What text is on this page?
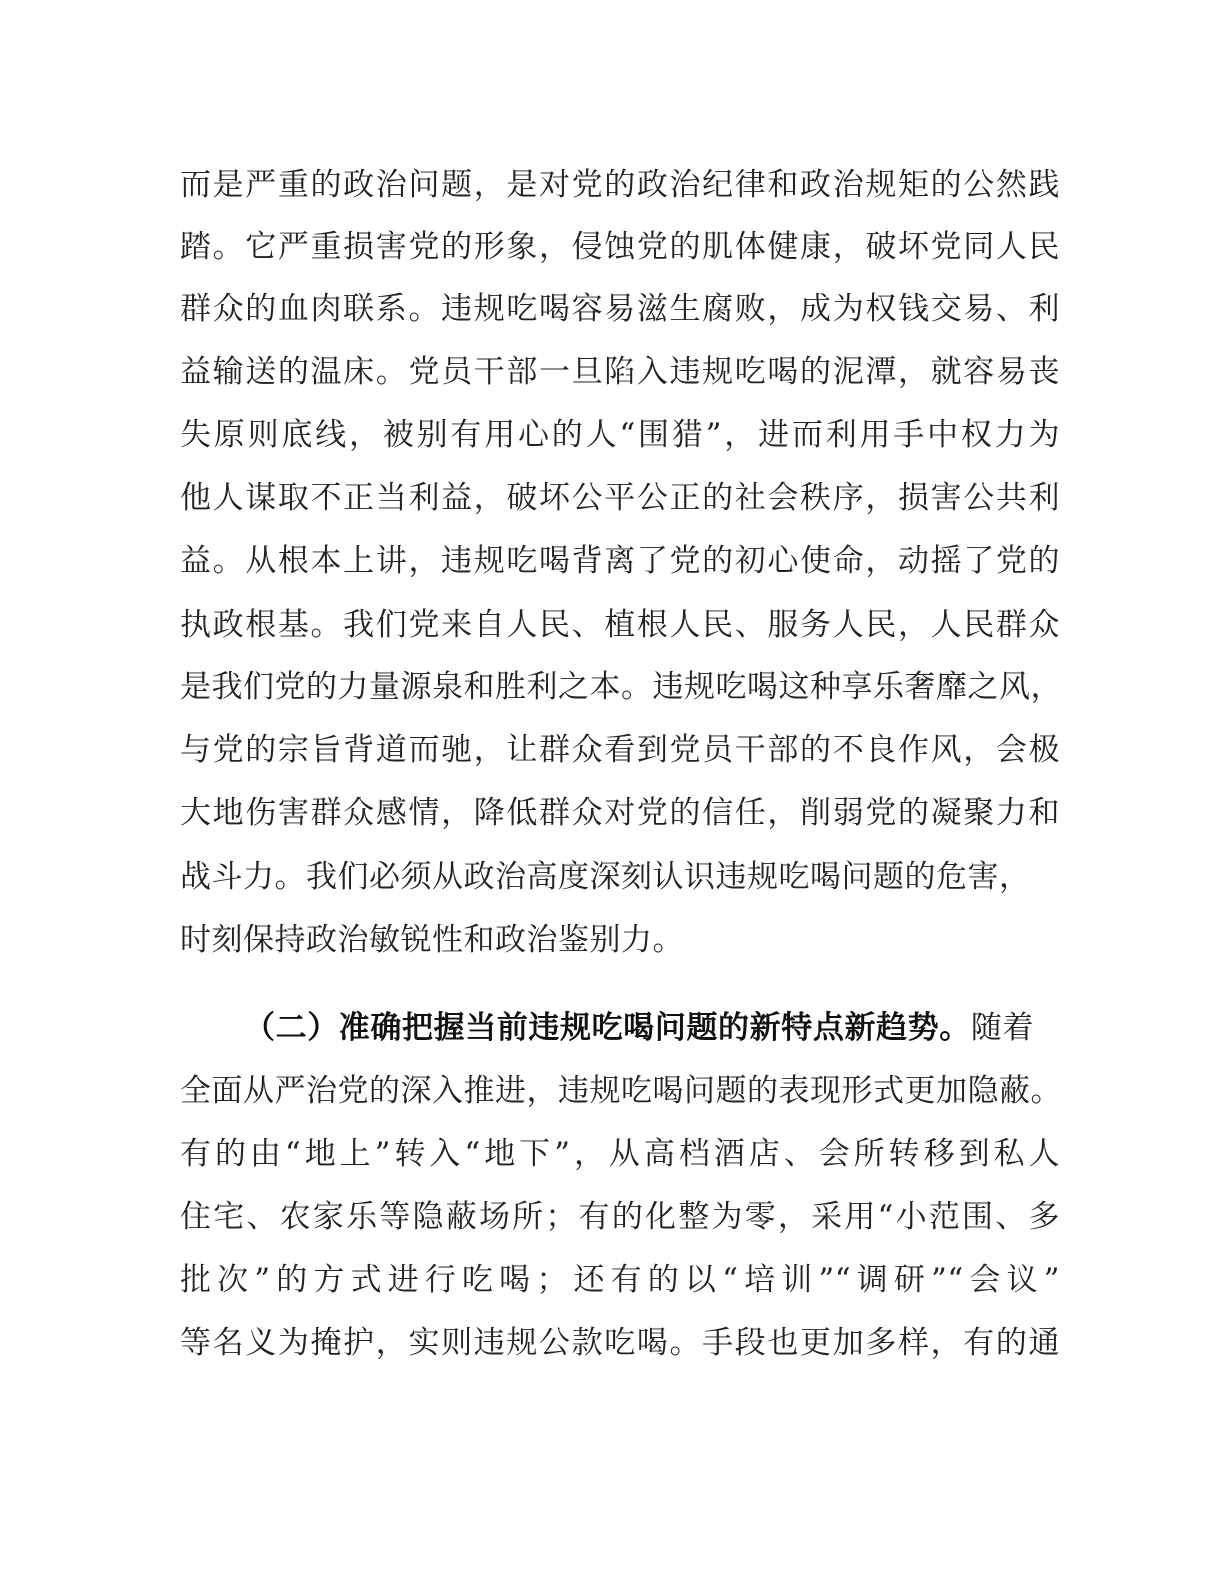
而是严重的政治问题，是对党的政治纪律和政治规矩的公然践

踏。它严重损害党的形象，侵蚀党的肌体健康，破坏党同人民

群众的血肉联系。违规吃喝容易滋生腐败，成为权钱交易、利

益输送的温床。党员干部一旦陷入违规吃喝的泥潭，就容易丧

失原则底线，被别有用心的人“围猎”，进而利用手中权力为

他人谋取不正当利益，破坏公平公正的社会秩序，损害公共利

益。从根本上讲，违规吃喝背离了党的初心使命，动摇了党的

执政根基。我们党来自人民、植根人民、服务人民，人民群众

是我们党的力量源泉和胜利之本。违规吃喝这种享乐奢靡之风，

与党的宗旨背道而驰，让群众看到党员干部的不良作风，会极

大地伤害群众感情，降低群众对党的信任，削弱党的凝聚力和

战斗力。我们必须从政治高度深刻认识违规吃喝问题的危害，

时刻保持政治敏锐性和政治鉴别力。

（二）准确把握当前违规吃喝问题的新特点新趋势。随着

全面从严治党的深入推进，违规吃喝问题的表现形式更加隐蔽。

有的由“地上”转入“地下”，从高档酒店、会所转移到私人

住宅、农家乐等隐蔽场所；有的化整为零，采用“小范围、多

批次”的方式进行吃喝；还有的以“培训”“调研”“会议”

等名义为掩护，实则违规公款吃喝。手段也更加多样，有的通
